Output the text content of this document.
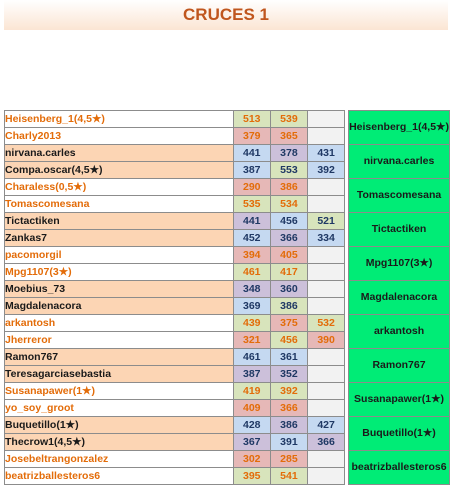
CRUCES 1
Heisenberg_1(4,5★)	513	539			Heisenberg_1(4,5★)
Charly2013	379	365			
nirvana.carles	441	378	431		nirvana.carles
Compa.oscar(4,5★)	387	553	392		
Charaless(0,5★)	290	386			Tomascomesana
Tomascomesana	535	534			
Tictactiken	441	456	521		Tictactiken
Zankas7	452	366	334		
pacomorgil	394	405			Mpg1107(3★)
Mpg1107(3★)	461	417			
Moebius_73	348	360			Magdalenacora
Magdalenacora	369	386			
arkantosh	439	375	532		arkantosh
Jherreror	321	456	390		
Ramon767	461	361			Ramon767
Teresagarciasebastia	387	352			
Susanapawer(1★)	419	392			Susanapawer(1★)
yo_soy_groot	409	366			
Buquetillo(1★)	428	386	427		Buquetillo(1★)
Thecrow1(4,5★)	367	391	366		
Josebeltrangonzalez	302	285			beatrizballesteros6
beatrizballesteros6	395	541			
